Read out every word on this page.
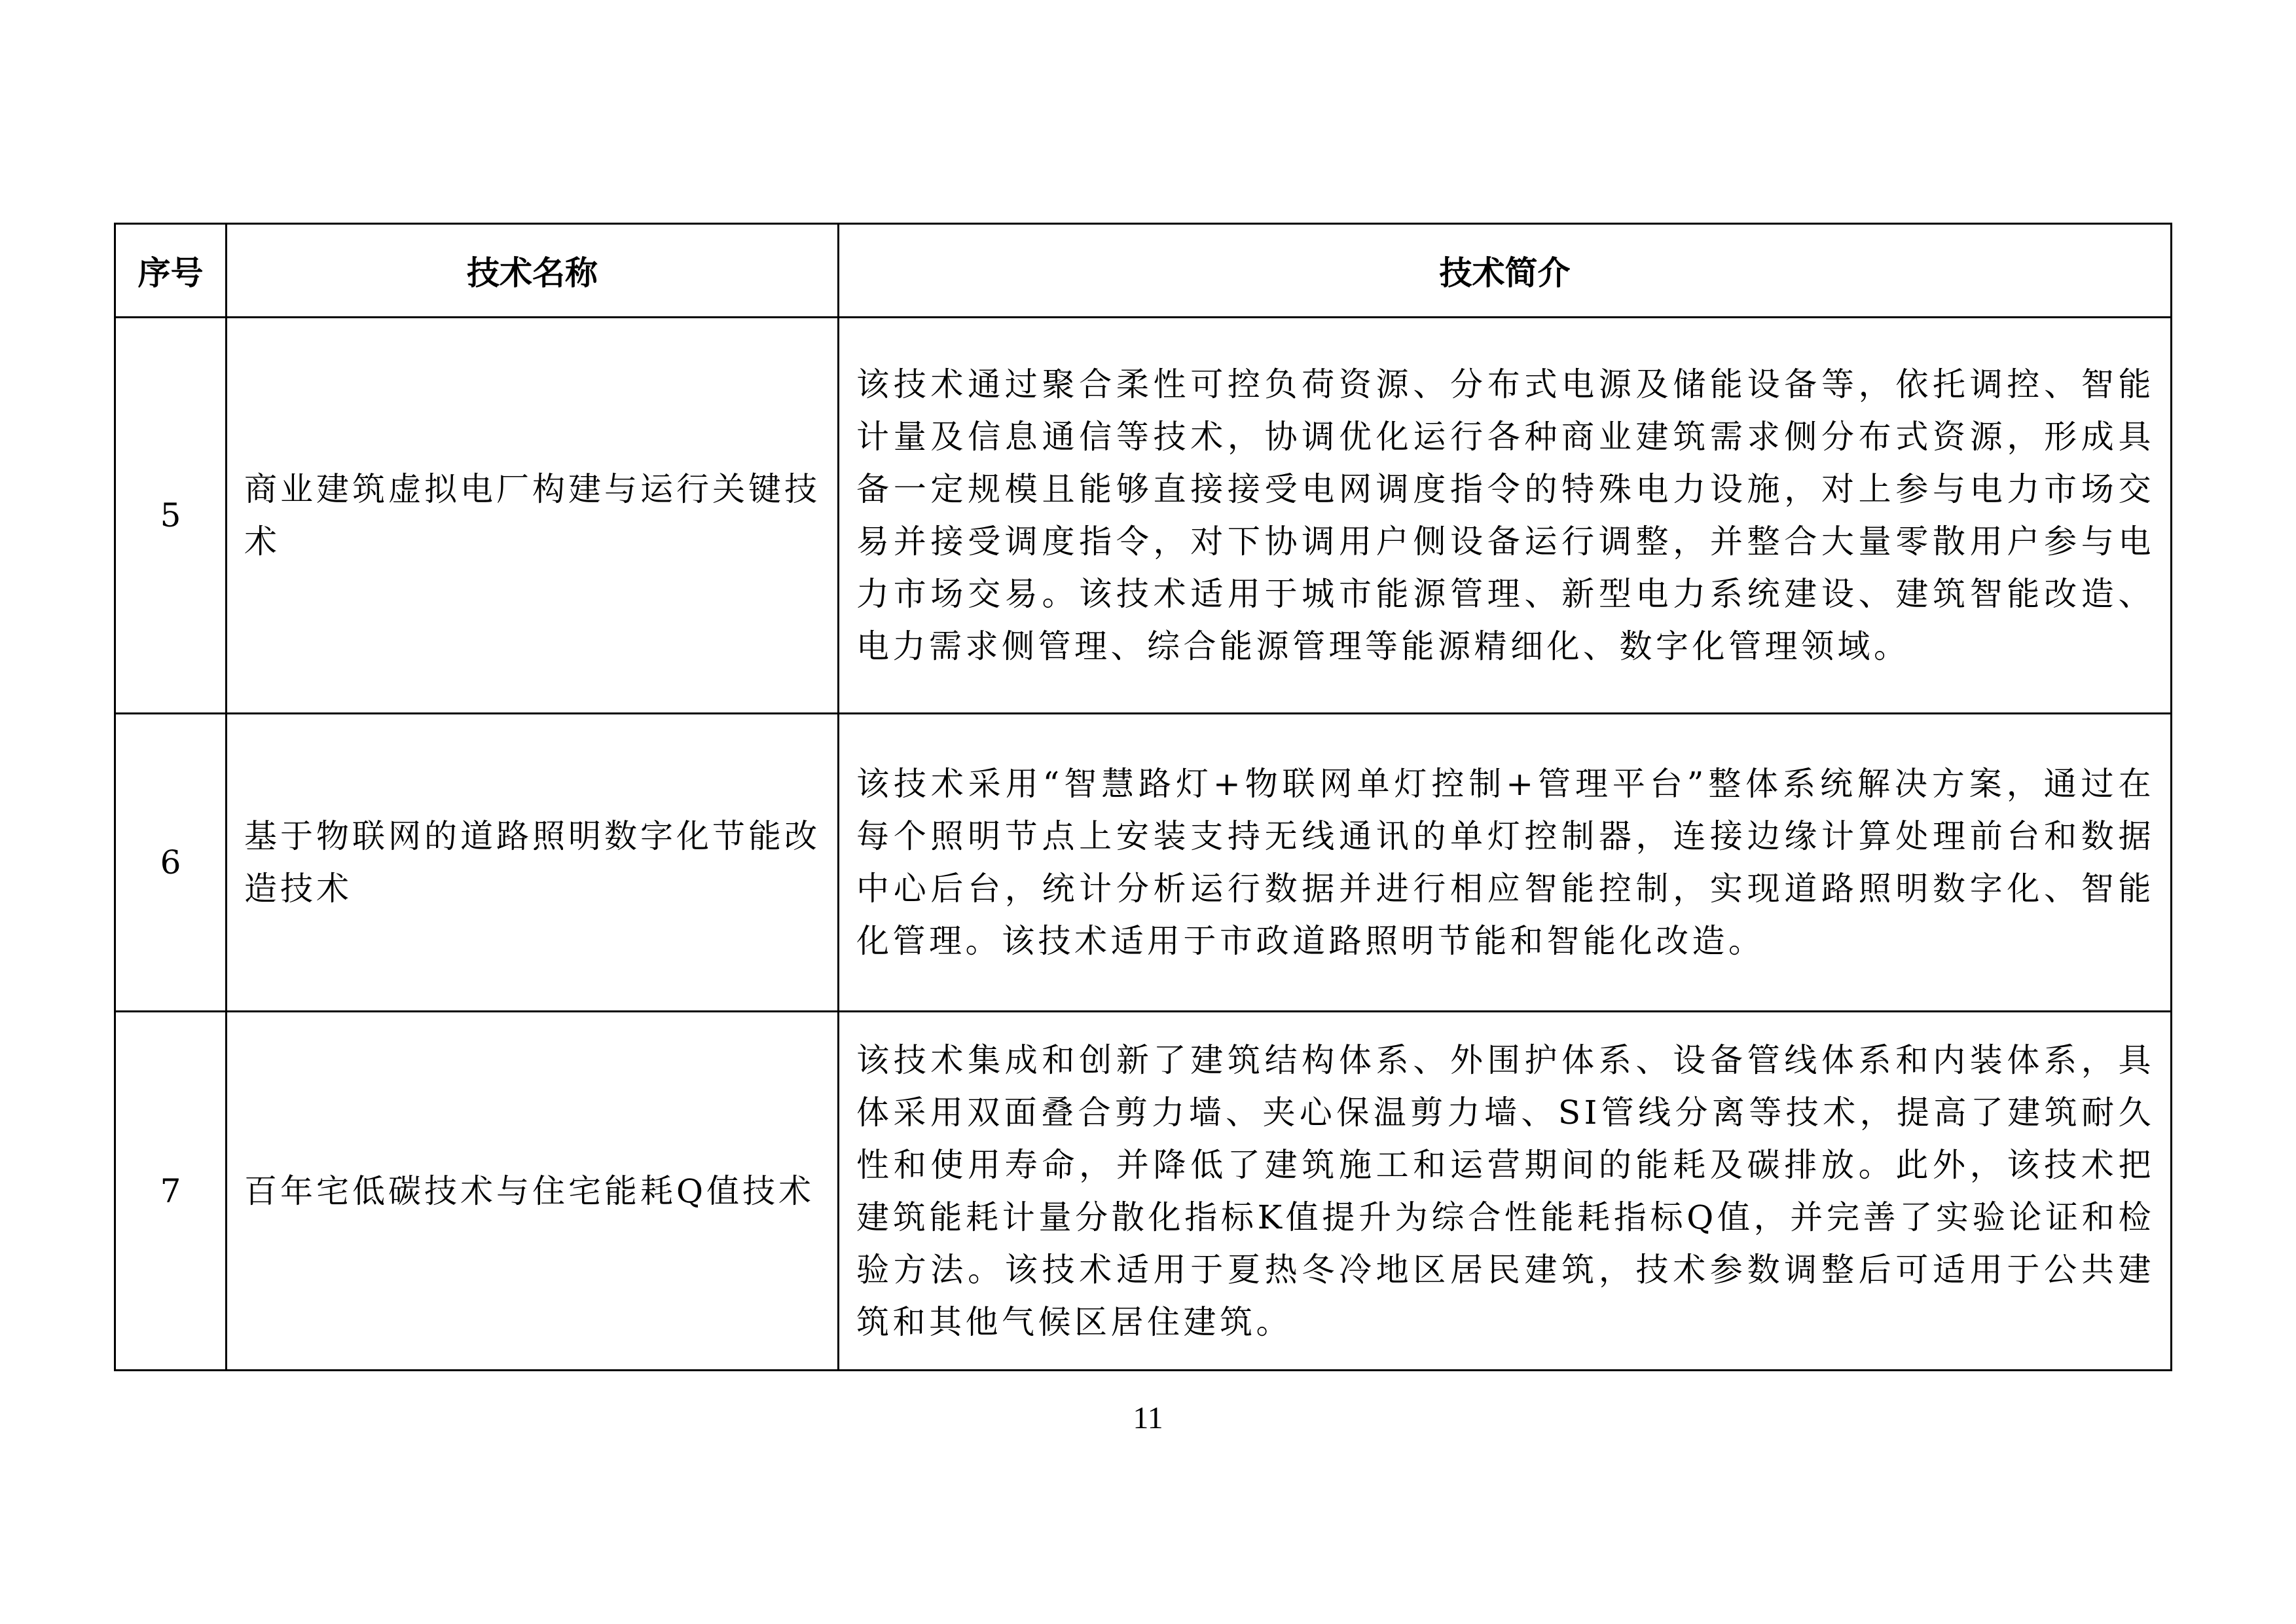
序号	技术名称	技术简介
5	商业建筑虚拟电厂构建与运行关键技术	该技术通过聚合柔性可控负荷资源、分布式电源及储能设备等，依托调控、智能计量及信息通信等技术，协调优化运行各种商业建筑需求侧分布式资源，形成具备一定规模且能够直接接受电网调度指令的特殊电力设施，对上参与电力市场交易并接受调度指令，对下协调用户侧设备运行调整，并整合大量零散用户参与电力市场交易。该技术适用于城市能源管理、新型电力系统建设、建筑智能改造、电力需求侧管理、综合能源管理等能源精细化、数字化管理领域。
6	基于物联网的道路照明数字化节能改造技术	该技术采用“智慧路灯+物联网单灯控制+管理平台”整体系统解决方案，通过在每个照明节点上安装支持无线通讯的单灯控制器，连接边缘计算处理前台和数据中心后台，统计分析运行数据并进行相应智能控制，实现道路照明数字化、智能化管理。该技术适用于市政道路照明节能和智能化改造。
7	百年宅低碳技术与住宅能耗Q值技术	该技术集成和创新了建筑结构体系、外围护体系、设备管线体系和内装体系，具体采用双面叠合剪力墙、夹心保温剪力墙、SI管线分离等技术，提高了建筑耐久性和使用寿命，并降低了建筑施工和运营期间的能耗及碳排放。此外，该技术把建筑能耗计量分散化指标K值提升为综合性能耗指标Q值，并完善了实验论证和检验方法。该技术适用于夏热冬冷地区居民建筑，技术参数调整后可适用于公共建筑和其他气候区居住建筑。
11
